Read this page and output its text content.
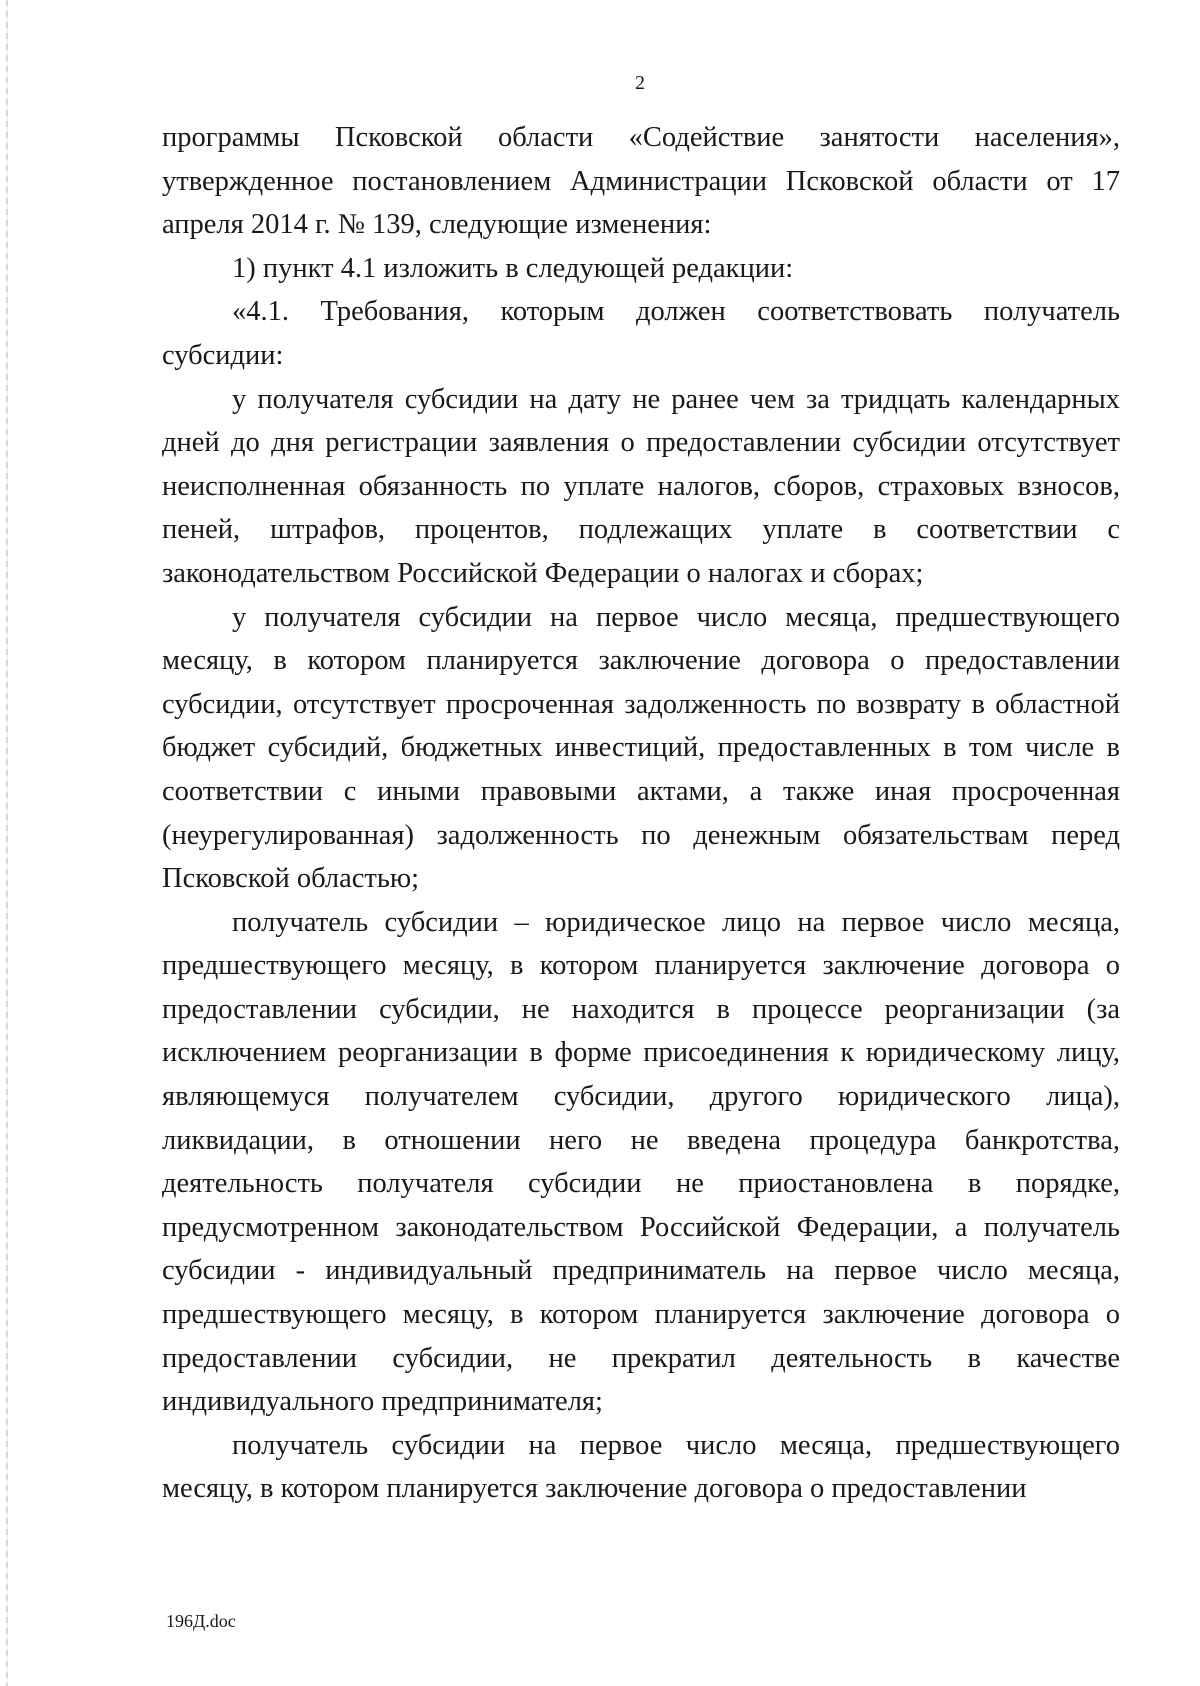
2

программы Псковской области «Содействие занятости населения», утвержденное постановлением Администрации Псковской области от 17 апреля 2014 г. № 139, следующие изменения:

1) пункт 4.1 изложить в следующей редакции:

«4.1. Требования, которым должен соответствовать получатель субсидии:

у получателя субсидии на дату не ранее чем за тридцать календарных дней до дня регистрации заявления о предоставлении субсидии отсутствует неисполненная обязанность по уплате налогов, сборов, страховых взносов, пеней, штрафов, процентов, подлежащих уплате в соответствии с законодательством Российской Федерации о налогах и сборах;

у получателя субсидии на первое число месяца, предшествующего месяцу, в котором планируется заключение договора о предоставлении субсидии, отсутствует просроченная задолженность по возврату в областной бюджет субсидий, бюджетных инвестиций, предоставленных в том числе в соответствии с иными правовыми актами, а также иная просроченная (неурегулированная) задолженность по денежным обязательствам перед Псковской областью;

получатель субсидии – юридическое лицо на первое число месяца, предшествующего месяцу, в котором планируется заключение договора о предоставлении субсидии, не находится в процессе реорганизации (за исключением реорганизации в форме присоединения к юридическому лицу, являющемуся получателем субсидии, другого юридического лица), ликвидации, в отношении него не введена процедура банкротства, деятельность получателя субсидии не приостановлена в порядке, предусмотренном законодательством Российской Федерации, а получатель субсидии - индивидуальный предприниматель на первое число месяца, предшествующего месяцу, в котором планируется заключение договора о предоставлении субсидии, не прекратил деятельность в качестве индивидуального предпринимателя;

получатель субсидии на первое число месяца, предшествующего месяцу, в котором планируется заключение договора о предоставлении

196Д.doc
